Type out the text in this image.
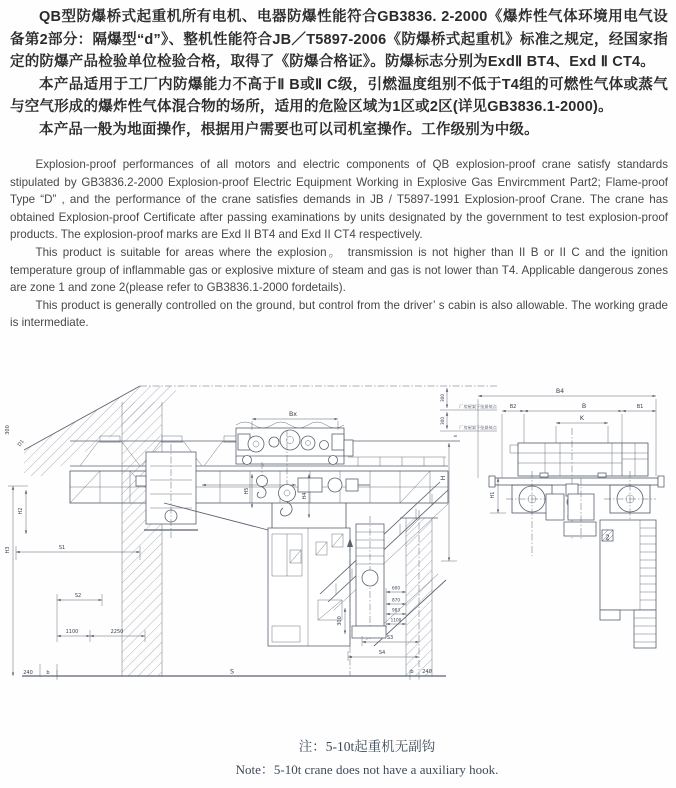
QB型防爆桥式起重机所有电机、电器防爆性能符合GB3836. 2-2000《爆炸性气体环境用电气设备第2部分：隔爆型“d”》、整机性能符合JB／T5897-2006《防爆桥式起重机》标准之规定，经国家指定的防爆产品检验单位检验合格，取得了《防爆合格证》。防爆标志分别为ExdⅡ BT4、Exd Ⅱ CT4。

本产品适用于工厂内防爆能力不高于Ⅱ B或Ⅱ C级，引燃温度组别不低于T4组的可燃性气体或蒸气与空气形成的爆炸性气体混合物的场所，适用的危险区域为1区或2区(详见GB3836.1-2000)。

本产品一般为地面操作，根据用户需要也可以司机室操作。工作级别为中级。

Explosion-proof performances of all motors and electric components of QB explosion-proof crane satisfy standards stipulated by GB3836.2-2000 Explosion-proof Electric Equipment Working in Explosive Gas Envircmment Part2; Flame-proof Type “D” , and the performance of the crane satisfies demands in JB / T5897-1991 Explosion-proof Crane. The crane has obtained Explosion-proof Certificate after passing examinations by units designated by the government to test explosion-proof products. The explosion-proof marks are Exd II BT4 and Exd II CT4 respectively.

This product is suitable for areas where the explosion。 transmission is not higher than II B or II C and the ignition temperature group of inflammable gas or explosive mixture of steam and gas is not lower than T4. Applicable dangerous zones are zone 1 and zone 2(please refer to GB3836.1-2000 fordetails).

This product is generally controlled on the ground, but control from the driver’ s cabin is also allowable. The working grade is intermediate.

300
D1
Bx
H5
H4
H2
H3	S1
S2
1100	2250
600
870
983
1100
300
S3
S4
S
240	b	b 240
厂房屋架下弦最低点
厂房屋架下弦最低点
300
300
h
H
B4
B2	B	B1
K
H1
2

注：5-10t起重机无副钩

Note：5-10t crane does not have a auxiliary hook.
